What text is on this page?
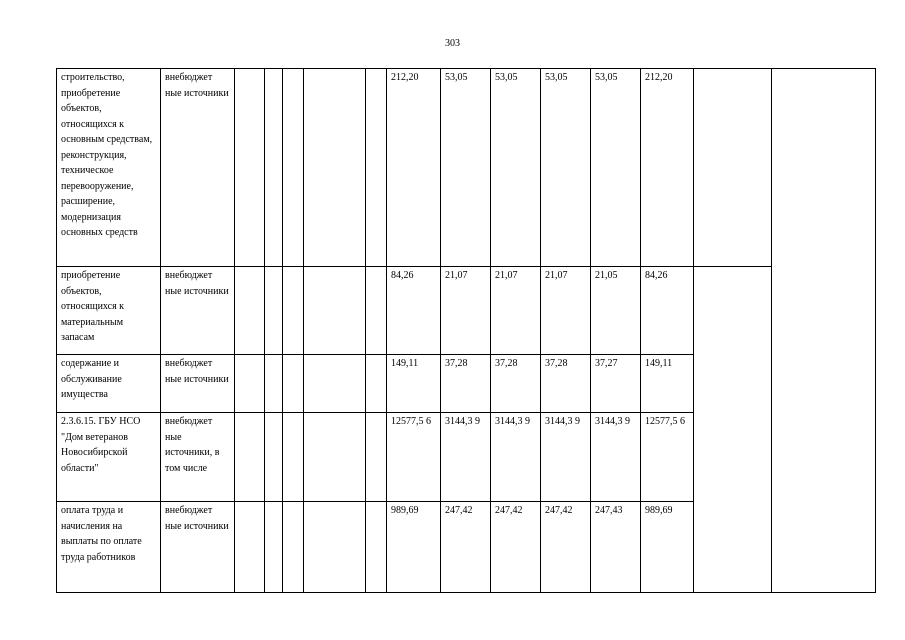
303
строительство, приобретение объектов, относящихся к основным средствам, реконструкция, техническое перевооружение, расширение, модернизация основных средств	внебюджет ные источники						212,20	53,05	53,05	53,05	53,05	212,20		
приобретение объектов, относящихся к материальным запасам	внебюджет ные источники						84,26	21,07	21,07	21,07	21,05	84,26		
содержание и обслуживание имущества	внебюджет ные источники						149,11	37,28	37,28	37,28	37,27	149,11		
2.3.6.15. ГБУ НСО "Дом ветеранов Новосибирской области"	внебюджет ные источники, в том числе						12577,5 6	3144,3 9	3144,3 9	3144,3 9	3144,3 9	12577,5 6		
оплата труда и начисления на выплаты по оплате труда работников	внебюджет ные источники						989,69	247,42	247,42	247,42	247,43	989,69		
